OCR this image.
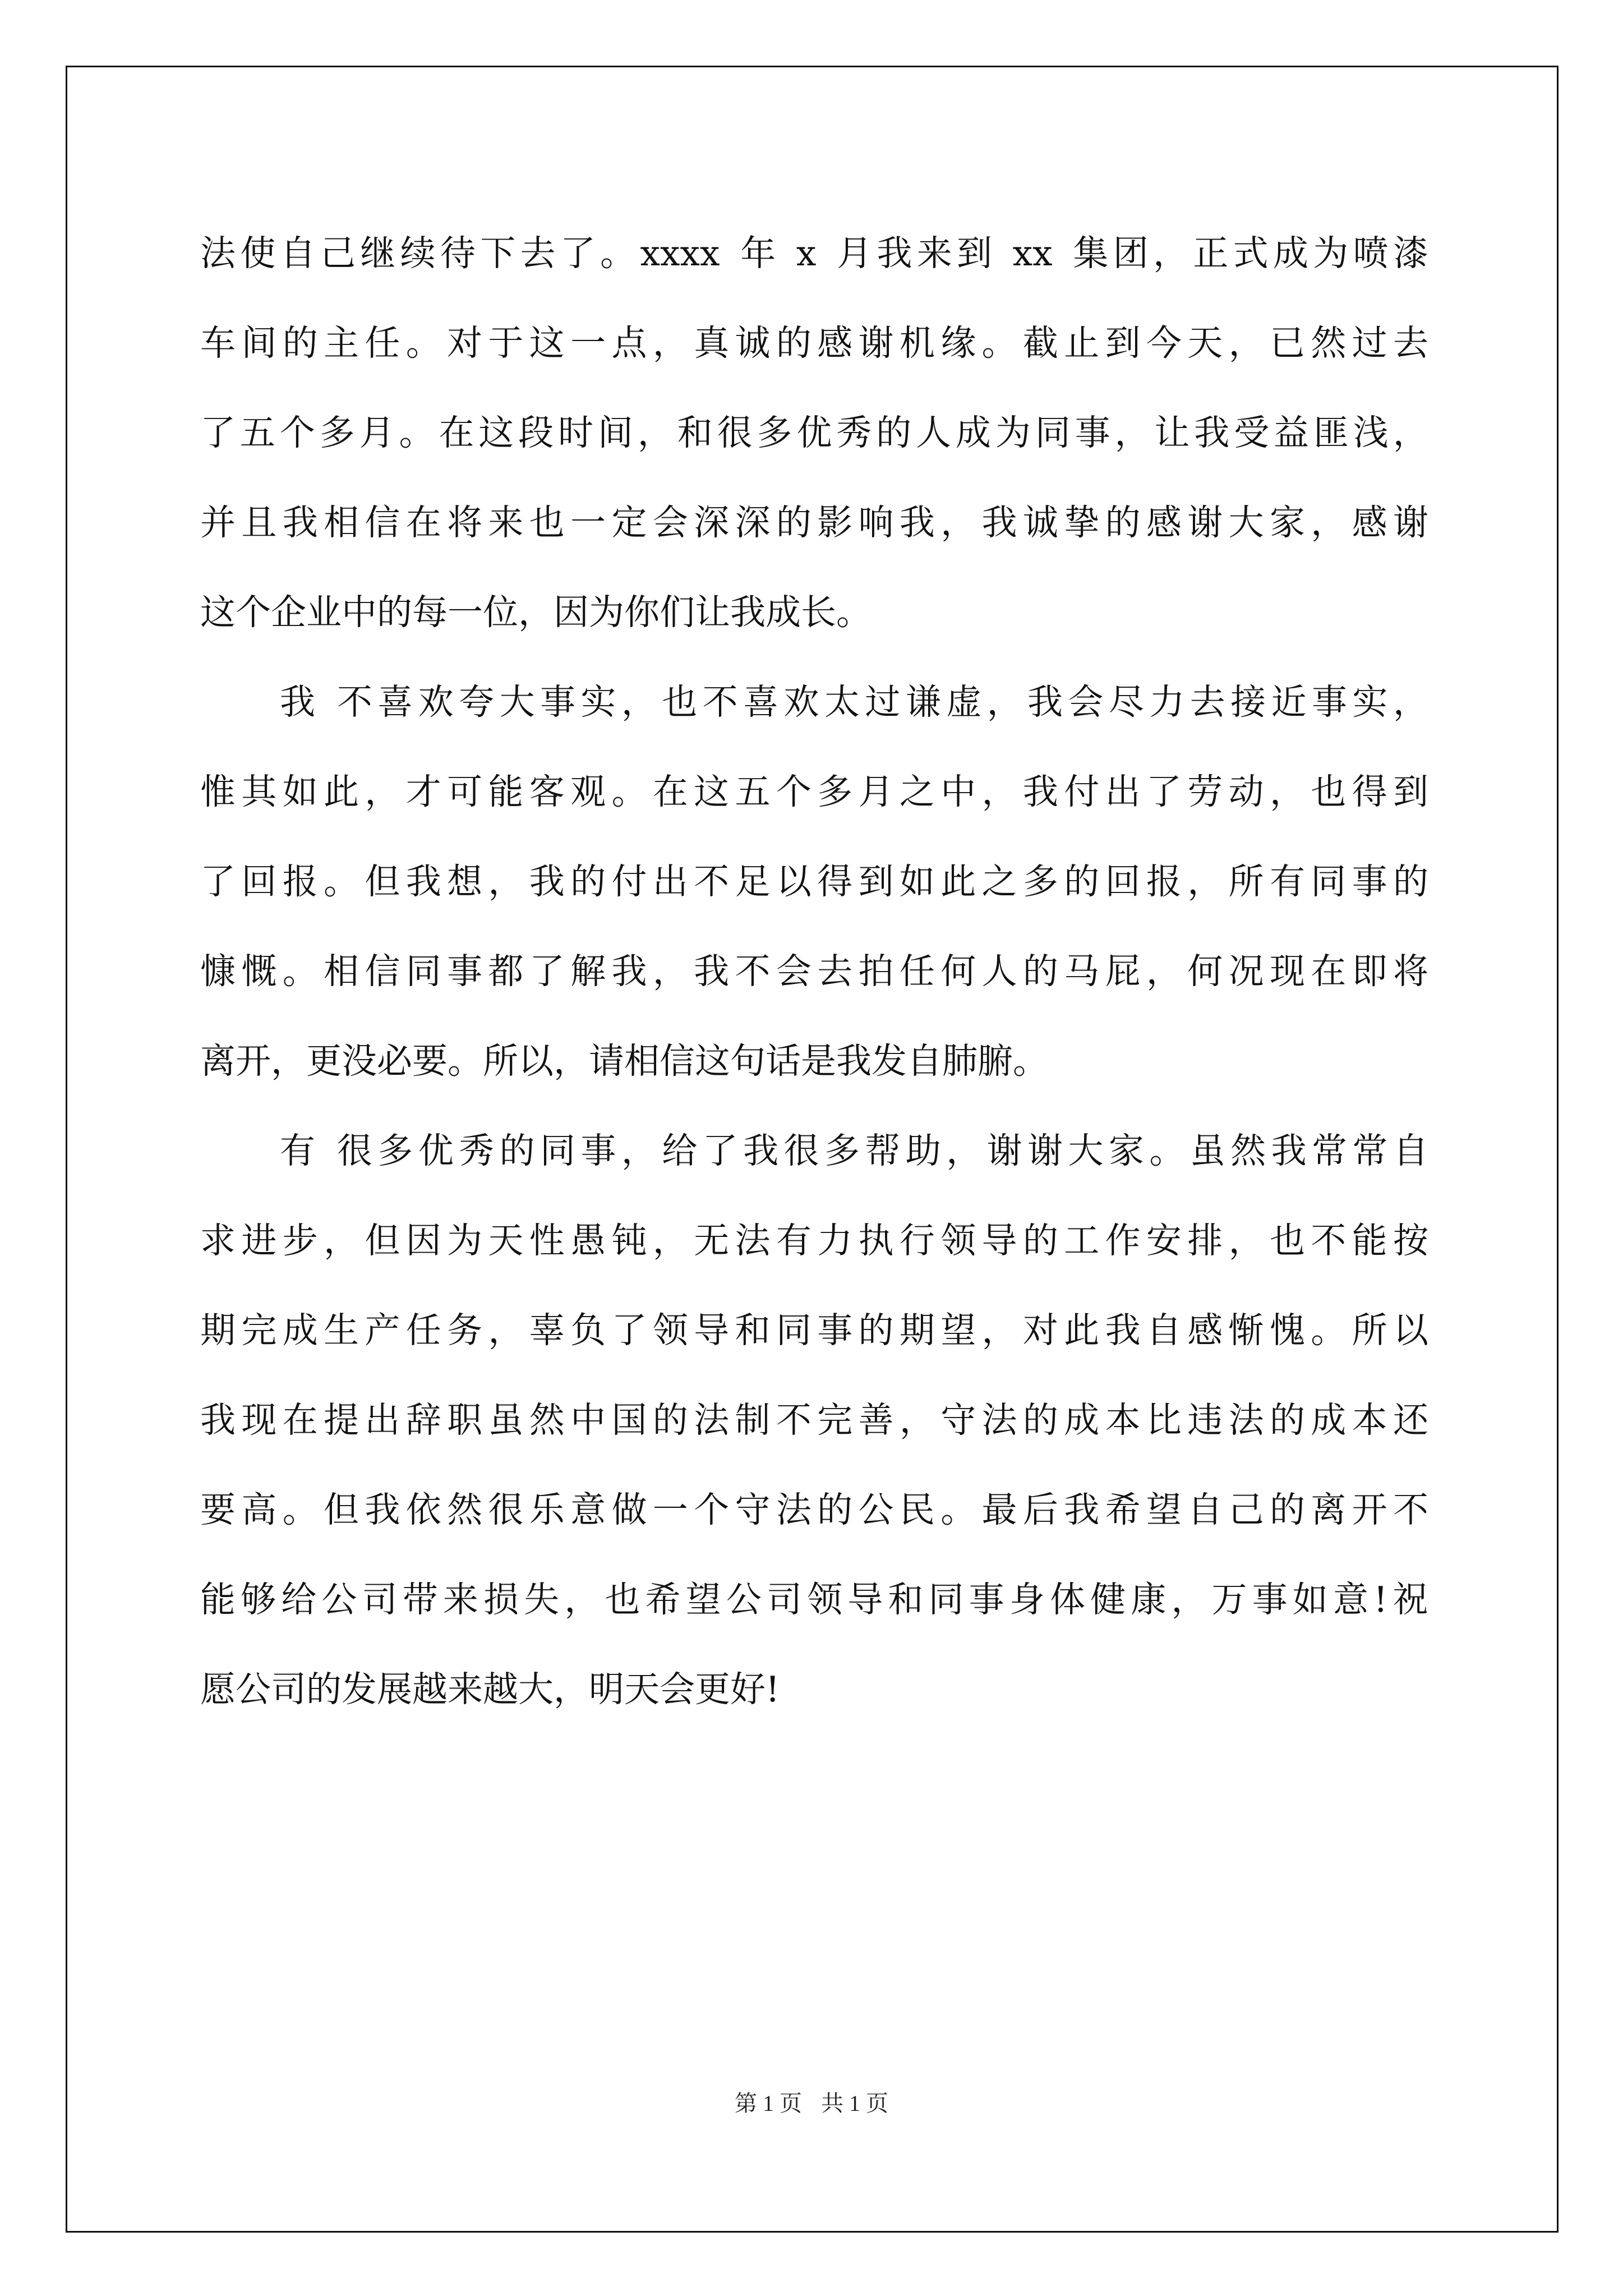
法 使 自 己 继 续 待 下 去 了 。 xxxx
年
x
月 我 来 到
xx
集 团 ， 正 式 成 为 喷 漆
车 间 的 主 任 。 对 于 这 一 点 ， 真 诚 的 感 谢 机 缘 。 截 止 到 今 天 ， 已 然 过 去
了 五 个 多 月 。 在 这 段 时 间 ， 和 很 多 优 秀 的 人 成 为 同 事 ， 让 我 受 益 匪 浅 ，
并 且 我 相 信 在 将 来 也 一 定 会 深 深 的 影 响 我 ， 我 诚 挚 的 感 谢 大 家 ， 感 谢
这 个 企 业 中 的 每 一 位 ， 因 为 你 们 让 我 成 长 。
我
不 喜 欢 夸 大 事 实 ， 也 不 喜 欢 太 过 谦 虚 ， 我 会 尽 力 去 接 近 事 实 ，
惟 其 如 此 ， 才 可 能 客 观 。 在 这 五 个 多 月 之 中 ， 我 付 出 了 劳 动 ， 也 得 到
了 回 报 。 但 我 想 ， 我 的 付 出 不 足 以 得 到 如 此 之 多 的 回 报 ， 所 有 同 事 的
慷 慨 。 相 信 同 事 都 了 解 我 ， 我 不 会 去 拍 任 何 人 的 马 屁 ， 何 况 现 在 即 将
离 开 ， 更 没 必 要 。 所 以 ， 请 相 信 这 句 话 是 我 发 自 肺 腑 。
有
很 多 优 秀 的 同 事 ， 给 了 我 很 多 帮 助 ， 谢 谢 大 家 。 虽 然 我 常 常 自
求 进 步 ， 但 因 为 天 性 愚 钝 ， 无 法 有 力 执 行 领 导 的 工 作 安 排 ， 也 不 能 按
期 完 成 生 产 任 务 ， 辜 负 了 领 导 和 同 事 的 期 望 ， 对 此 我 自 感 惭 愧 。 所 以
我 现 在 提 出 辞 职 虽 然 中 国 的 法 制 不 完 善 ， 守 法 的 成 本 比 违 法 的 成 本 还
要 高 。 但 我 依 然 很 乐 意 做 一 个 守 法 的 公 民 。 最 后 我 希 望 自 己 的 离 开 不
能 够 给 公 司 带 来 损 失 ， 也 希 望 公 司 领 导 和 同 事 身 体 健 康 ， 万 事 如 意 ! 祝
愿 公 司 的 发 展 越 来 越 大 ， 明 天 会 更 好 !
第 1 页 共 1 页
